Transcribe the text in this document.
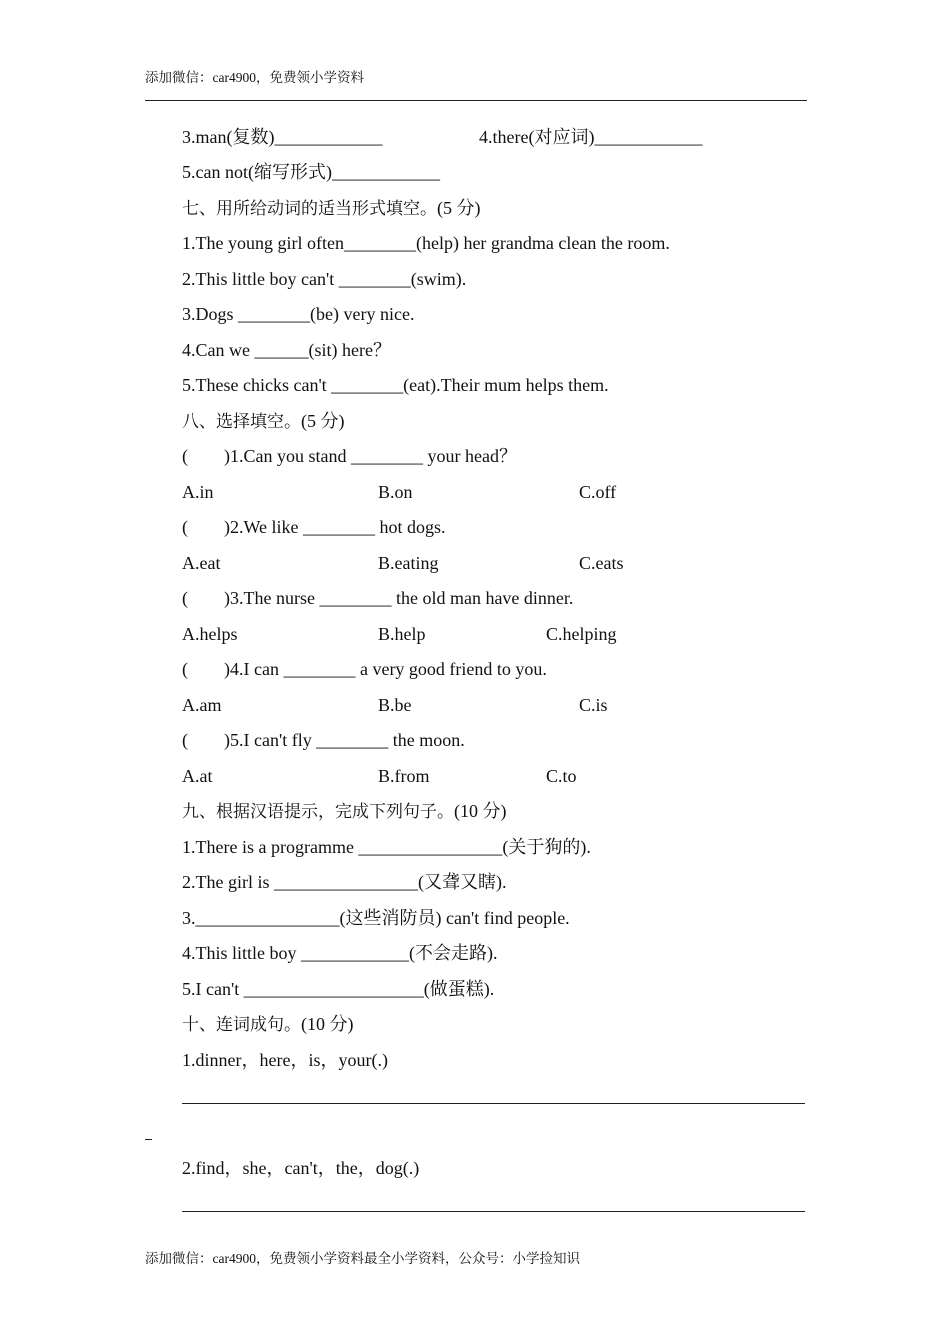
添加微信：car4900，免费领小学资料
3.man(复数)____________	4.there(对应词)____________
5.can not(缩写形式)____________
七、用所给动词的适当形式填空。(5 分)
1.The young girl often________(help) her grandma clean the room.
2.This little boy can't ________(swim).
3.Dogs ________(be) very nice.
4.Can we ______(sit) here？
5.These chicks can't ________(eat).Their mum helps them.
八、选择填空。(5 分)
(        )1.Can you stand ________ your head？
A.in	B.on	C.off
(        )2.We like ________ hot dogs.
A.eat	B.eating	C.eats
(        )3.The nurse ________ the old man have dinner.
A.helps	B.help	C.helping
(        )4.I can ________ a very good friend to you.
A.am	B.be	C.is
(        )5.I can't fly ________ the moon.
A.at	B.from	C.to
九、根据汉语提示，完成下列句子。(10 分)
1.There is a programme ________________(关于狗的).
2.The girl is ________________(又聋又瞎).
3.________________(这些消防员) can't find people.
4.This little boy ____________(不会走路).
5.I can't ____________________(做蛋糕).
十、连词成句。(10 分)
1.dinner，here，is，your(.)
2.find，she，can't，the，dog(.)
添加微信：car4900，免费领小学资料最全小学资料，公众号：小学捡知识
